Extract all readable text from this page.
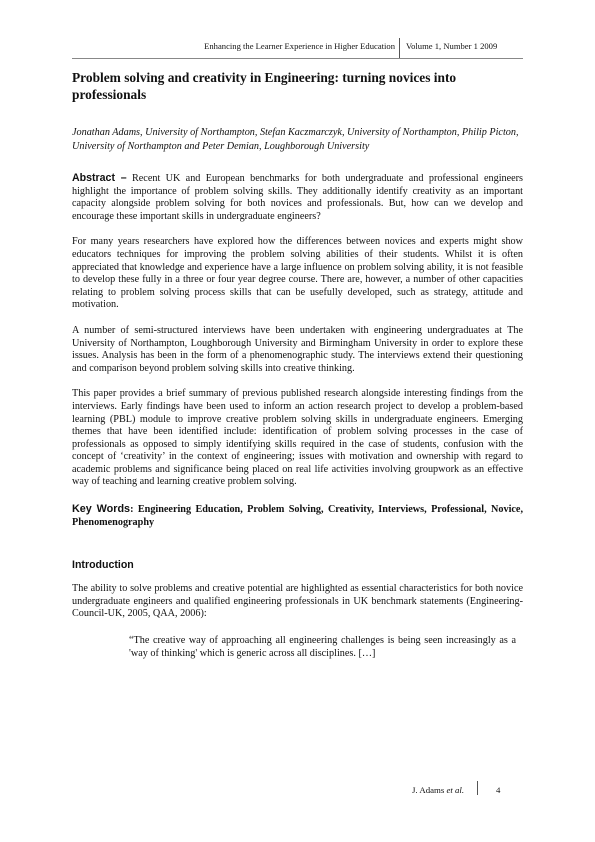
Enhancing the Learner Experience in Higher Education Volume 1, Number 1 2009
Problem solving and creativity in Engineering: turning novices into professionals

Jonathan Adams, University of Northampton, Stefan Kaczmarczyk, University of Northampton, Philip Picton, University of Northampton and Peter Demian, Loughborough University

Abstract – Recent UK and European benchmarks for both undergraduate and professional engineers highlight the importance of problem solving skills. They additionally identify creativity as an important capacity alongside problem solving for both novices and professionals. But, how can we develop and encourage these important skills in undergraduate engineers?

For many years researchers have explored how the differences between novices and experts might show educators techniques for improving the problem solving abilities of their students. Whilst it is often appreciated that knowledge and experience have a large influence on problem solving ability, it is not feasible to develop these fully in a three or four year degree course. There are, however, a number of other capacities relating to problem solving process skills that can be usefully developed, such as strategy, attitude and motivation.

A number of semi-structured interviews have been undertaken with engineering undergraduates at The University of Northampton, Loughborough University and Birmingham University in order to explore these issues. Analysis has been in the form of a phenomenographic study. The interviews extend their questioning and comparison beyond problem solving skills into creative thinking.

This paper provides a brief summary of previous published research alongside interesting findings from the interviews. Early findings have been used to inform an action research project to develop a problem-based learning (PBL) module to improve creative problem solving skills in undergraduate engineers. Emerging themes that have been identified include: identification of problem solving processes in the case of professionals as opposed to simply identifying skills required in the case of students, confusion with the concept of ‘creativity’ in the context of engineering; issues with motivation and ownership with regard to academic problems and significance being placed on real life activities involving groupwork as an effective way of teaching and learning creative problem solving.

Key Words: Engineering Education, Problem Solving, Creativity, Interviews, Professional, Novice, Phenomenography

Introduction

The ability to solve problems and creative potential are highlighted as essential characteristics for both novice undergraduate engineers and qualified engineering professionals in UK benchmark statements (Engineering-Council-UK, 2005, QAA, 2006):

“The creative way of approaching all engineering challenges is being seen increasingly as a 'way of thinking' which is generic across all disciplines. […]

J. Adams et al.	4
